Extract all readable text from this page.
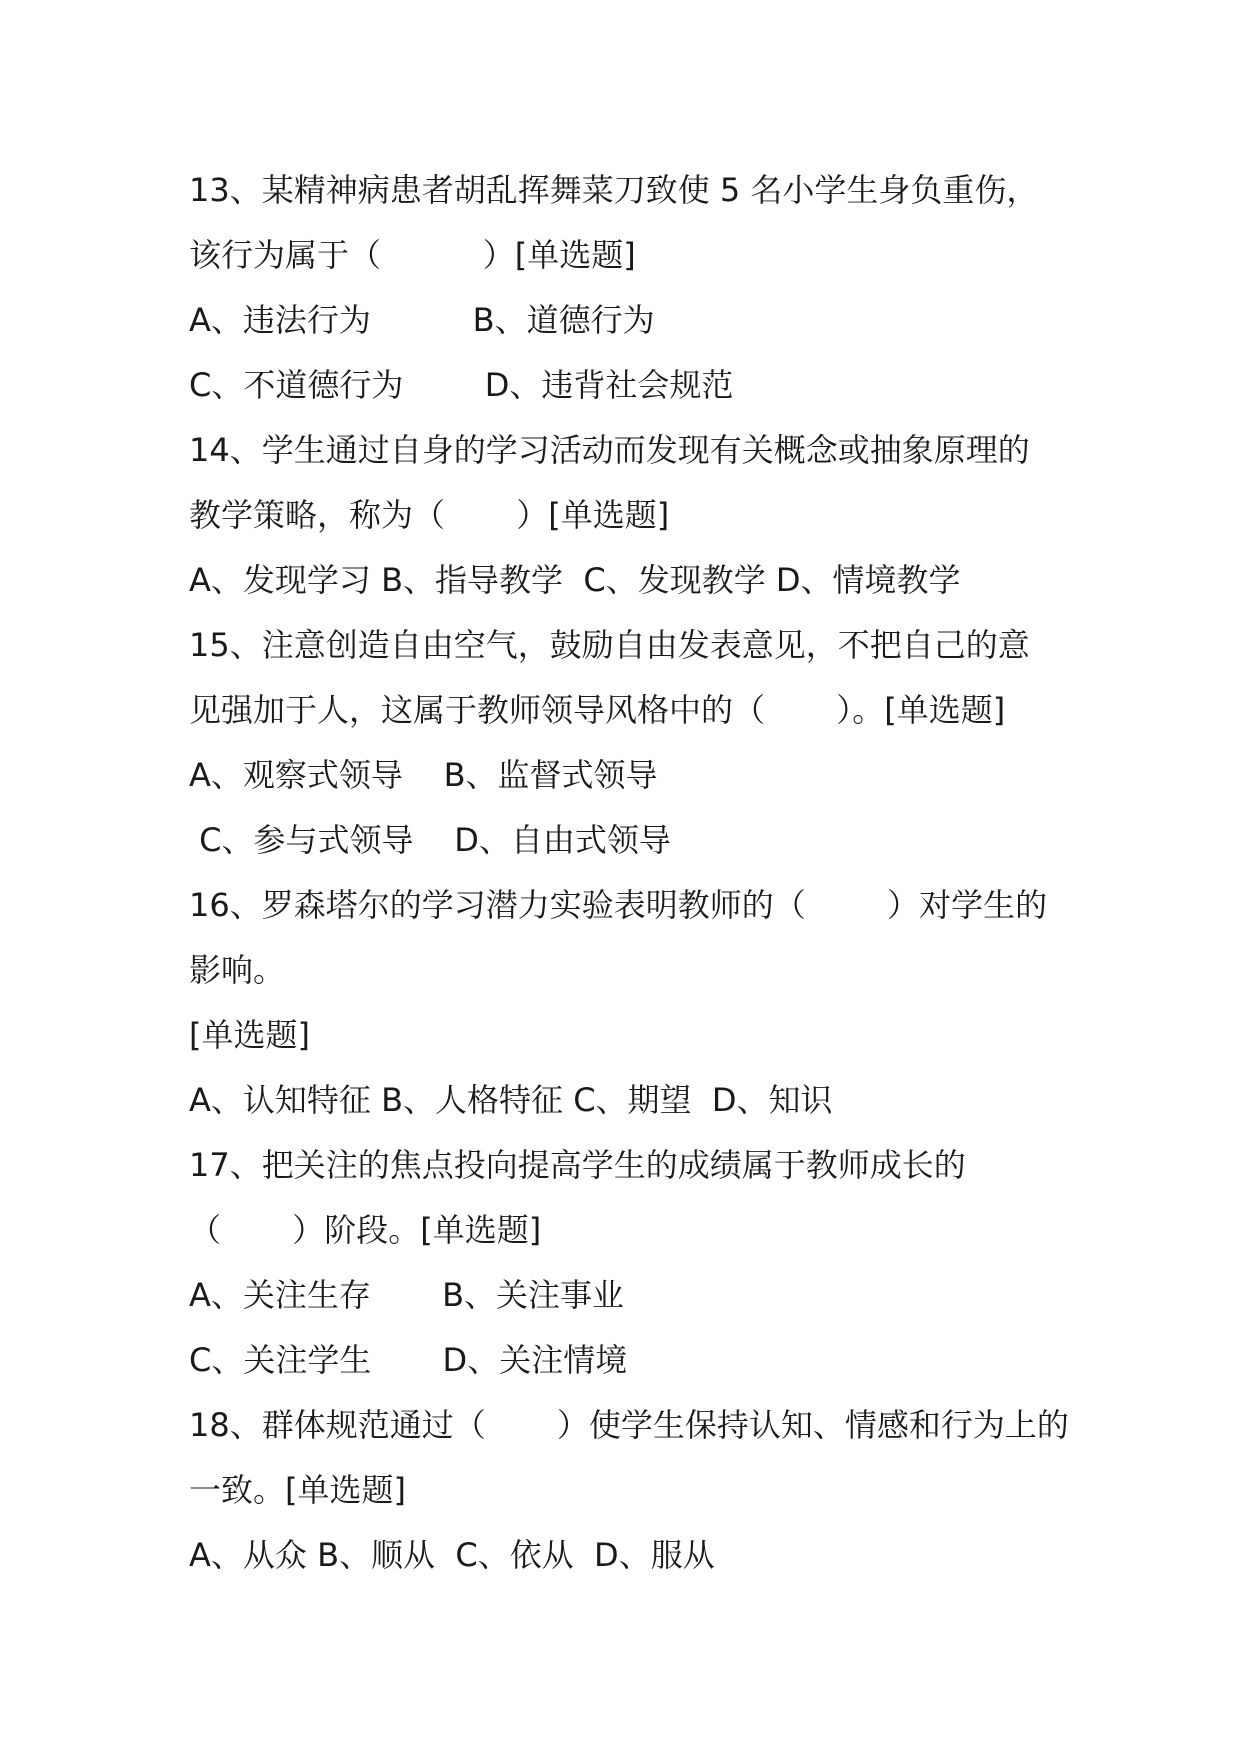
13、某精神病患者胡乱挥舞菜刀致使 5 名小学生身负重伤，
该行为属于（          ）[单选题]
A、违法行为          B、道德行为
C、不道德行为        D、违背社会规范
14、学生通过自身的学习活动而发现有关概念或抽象原理的
教学策略，称为（       ）[单选题]
A、发现学习 B、指导教学  C、发现教学 D、情境教学
15、注意创造自由空气，鼓励自由发表意见，不把自己的意
见强加于人，这属于教师领导风格中的（       ）。[单选题]
A、观察式领导    B、监督式领导
C、参与式领导    D、自由式领导
16、罗森塔尔的学习潜力实验表明教师的（        ）对学生的
影响。
[单选题]
A、认知特征 B、人格特征 C、期望  D、知识
17、把关注的焦点投向提高学生的成绩属于教师成长的
（       ）阶段。[单选题]
A、关注生存       B、关注事业
C、关注学生       D、关注情境
18、群体规范通过（       ）使学生保持认知、情感和行为上的
一致。[单选题]
A、从众 B、顺从  C、依从  D、服从
